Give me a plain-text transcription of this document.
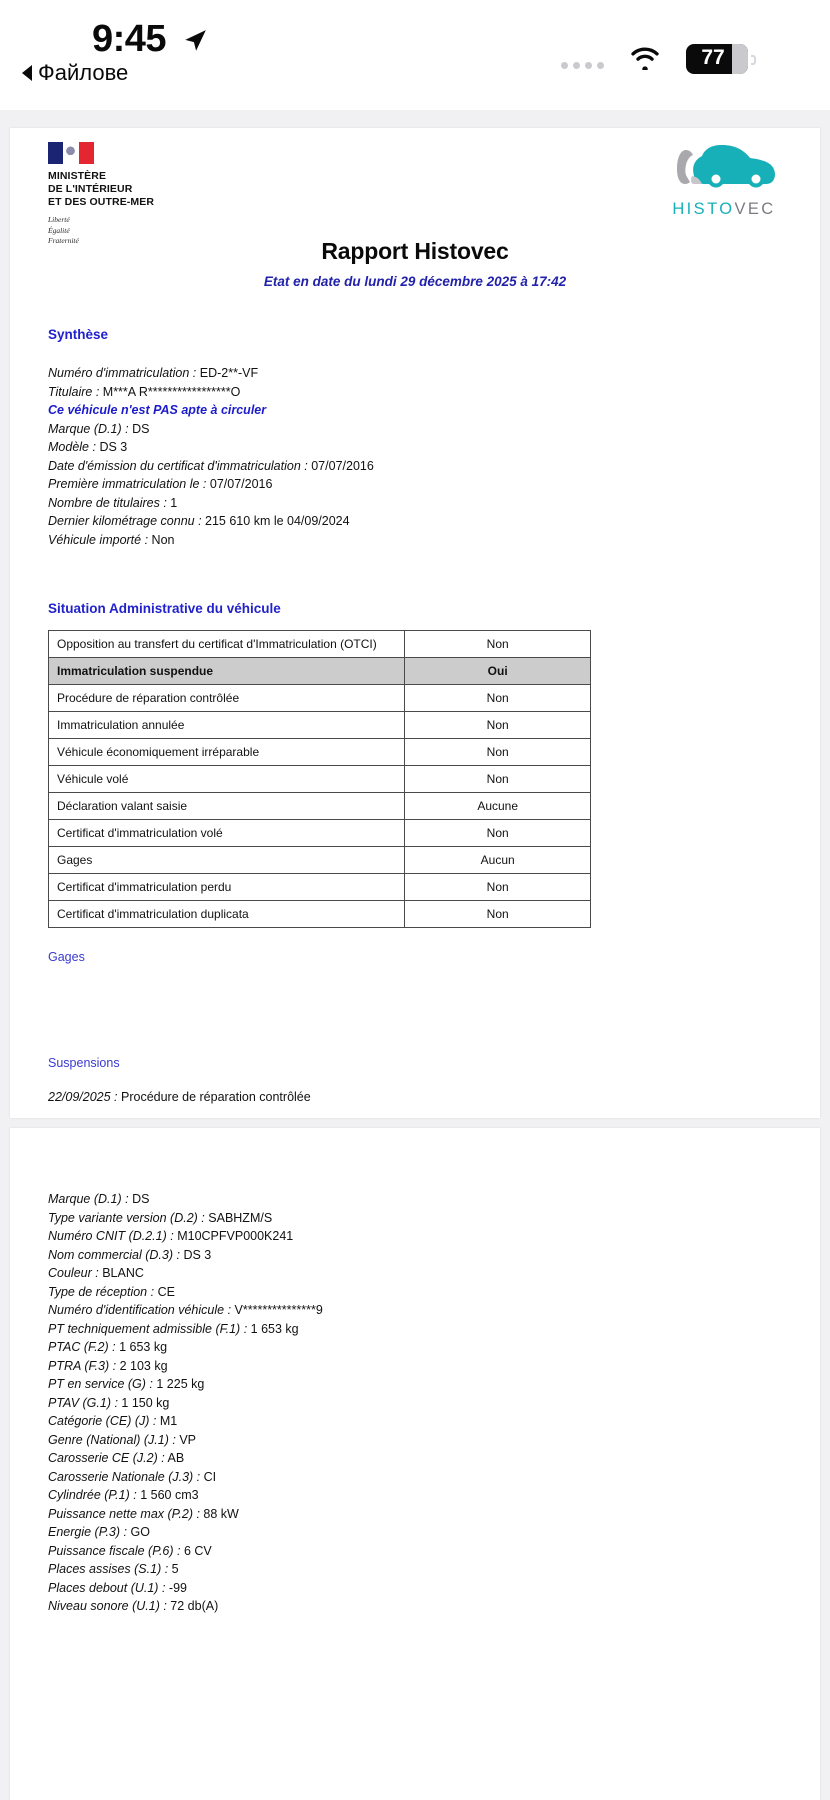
9:45
Файлове
77
MINISTÈRE
DE L'INTÉRIEUR
ET DES OUTRE-MER
Liberté
Égalité
Fraternité
HISTOVEC
Rapport Histovec
Etat en date du lundi 29 décembre 2025 à 17:42
Synthèse
Numéro d'immatriculation : ED-2**-VF
Titulaire : M***A R*****************O
Ce véhicule n'est PAS apte à circuler
Marque (D.1) : DS
Modèle : DS 3
Date d'émission du certificat d'immatriculation : 07/07/2016
Première immatriculation le : 07/07/2016
Nombre de titulaires : 1
Dernier kilométrage connu : 215 610 km le 04/09/2024
Véhicule importé : Non
Situation Administrative du véhicule
Opposition au transfert du certificat d'Immatriculation (OTCI)	Non
Immatriculation suspendue	Oui
Procédure de réparation contrôlée	Non
Immatriculation annulée	Non
Véhicule économiquement irréparable	Non
Véhicule volé	Non
Déclaration valant saisie	Aucune
Certificat d'immatriculation volé	Non
Gages	Aucun
Certificat d'immatriculation perdu	Non
Certificat d'immatriculation duplicata	Non
Gages
Suspensions
22/09/2025 : Procédure de réparation contrôlée
Marque (D.1) : DS
Type variante version (D.2) : SABHZM/S
Numéro CNIT (D.2.1) : M10CPFVP000K241
Nom commercial (D.3) : DS 3
Couleur : BLANC
Type de réception : CE
Numéro d'identification véhicule : V***************9
PT techniquement admissible (F.1) : 1 653 kg
PTAC (F.2) : 1 653 kg
PTRA (F.3) : 2 103 kg
PT en service (G) : 1 225 kg
PTAV (G.1) : 1 150 kg
Catégorie (CE) (J) : M1
Genre (National) (J.1) : VP
Carosserie CE (J.2) : AB
Carosserie Nationale (J.3) : CI
Cylindrée (P.1) : 1 560 cm3
Puissance nette max (P.2) : 88 kW
Energie (P.3) : GO
Puissance fiscale (P.6) : 6 CV
Places assises (S.1) : 5
Places debout (U.1) : -99
Niveau sonore (U.1) : 72 db(A)
